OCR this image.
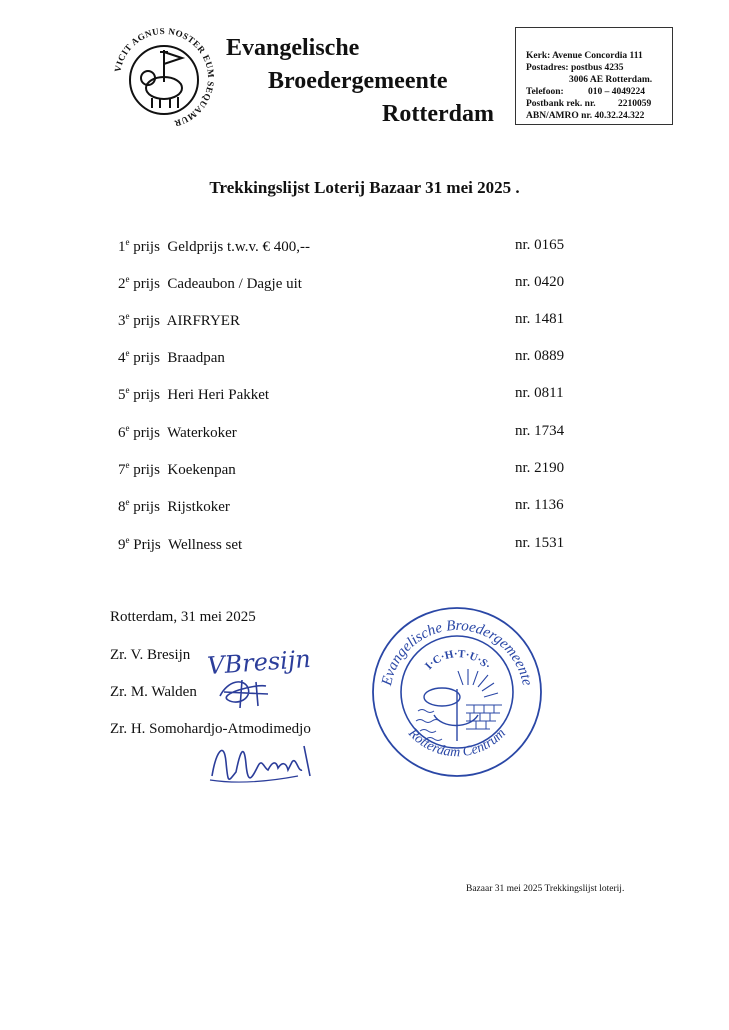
VICIT AGNUS NOSTER EUM SEQUAMUR
Evangelische
Broedergemeente
Rotterdam
Kerk: Avenue Concordia 111
Postadres: postbus 4235
3006 AE Rotterdam.
Telefoon:	010 – 4049224
Postbank rek. nr. 2210059
ABN/AMRO nr. 40.32.24.322
Trekkingslijst Loterij Bazaar 31 mei 2025 .
1e prijs Geldprijs t.w.v. € 400,--	nr. 0165
2e prijs Cadeaubon / Dagje uit	nr. 0420
3e prijs AIRFRYER	nr. 1481
4e prijs Braadpan	nr. 0889
5e prijs Heri Heri Pakket	nr. 0811
6e prijs Waterkoker	nr. 1734
7e prijs Koekenpan	nr. 2190
8e prijs Rijstkoker	nr. 1136
9e Prijs Wellness set	nr. 1531
Rotterdam, 31 mei 2025
Zr. V. Bresijn
Zr. M. Walden
Zr. H. Somohardjo-Atmodimedjo
VBresijn
Evangelische Broedergemeente
Rotterdam Centrum
I·C·H·T·U·S·
Bazaar 31 mei 2025 Trekkingslijst loterij.
